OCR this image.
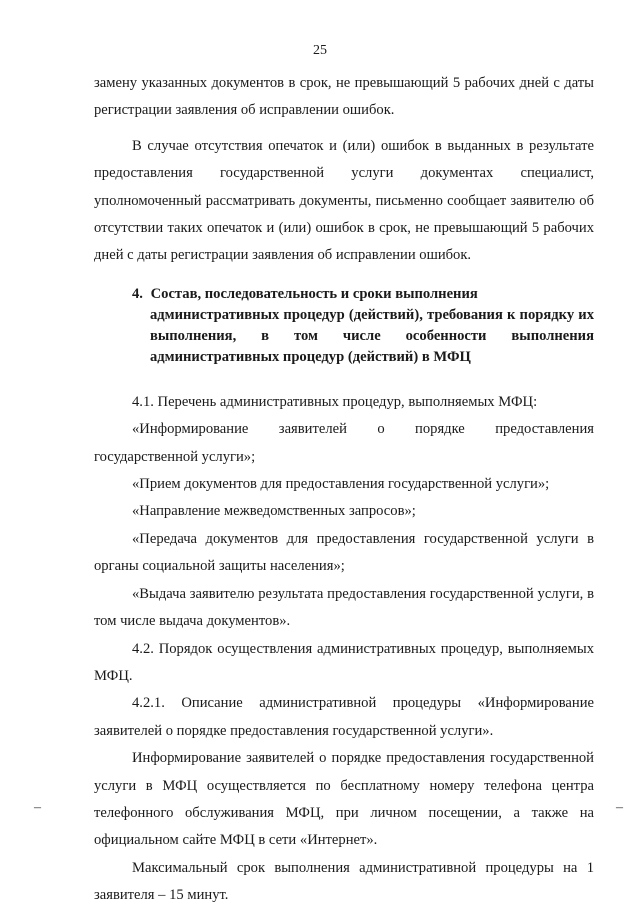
25

замену указанных документов в срок, не превышающий 5 рабочих дней с даты регистрации заявления об исправлении ошибок.

В случае отсутствия опечаток и (или) ошибок в выданных в результате предоставления государственной услуги документах специалист, уполномоченный рассматривать документы, письменно сообщает заявителю об отсутствии таких опечаток и (или) ошибок в срок, не превышающий 5 рабочих дней с даты регистрации заявления об исправлении ошибок.

4. Состав, последовательность и сроки выполнения
административных процедур (действий), требования к порядку их выполнения, в том числе особенности выполнения административных процедур (действий) в МФЦ

4.1. Перечень административных процедур, выполняемых МФЦ:

«Информирование заявителей о порядке предоставления государственной услуги»;

«Прием документов для предоставления государственной услуги»;

«Направление межведомственных запросов»;

«Передача документов для предоставления государственной услуги в органы социальной защиты населения»;

«Выдача заявителю результата предоставления государственной услуги, в том числе выдача документов».

4.2. Порядок осуществления административных процедур, выполняемых МФЦ.

4.2.1. Описание административной процедуры «Информирование заявителей о порядке предоставления государственной услуги».

Информирование заявителей о порядке предоставления государственной услуги в МФЦ осуществляется по бесплатному номеру телефона центра телефонного обслуживания МФЦ, при личном посещении, а также на официальном сайте МФЦ в сети «Интернет».

Максимальный срок выполнения административной процедуры на 1 заявителя – 15 минут.

–	–
